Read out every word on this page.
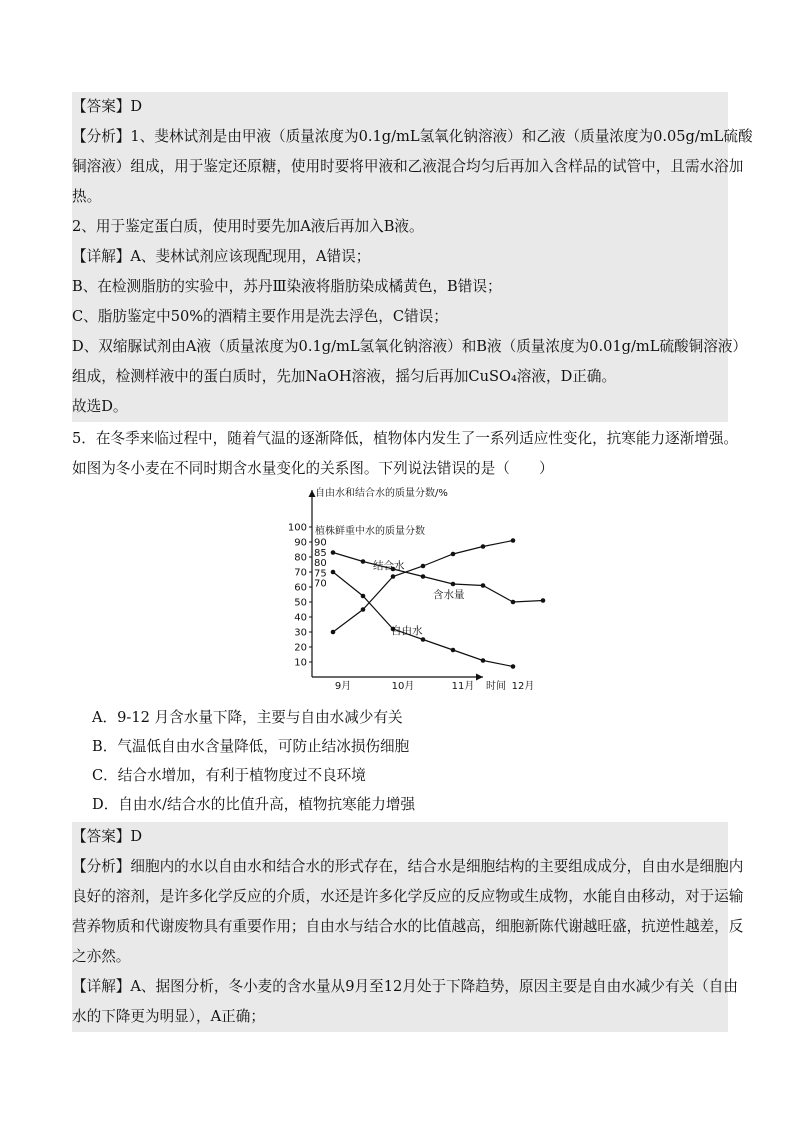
【答案】D
【分析】1、斐林试剂是由甲液（质量浓度为0.1g/mL氢氧化钠溶液）和乙液（质量浓度为0.05g/mL硫酸
铜溶液）组成，用于鉴定还原糖，使用时要将甲液和乙液混合均匀后再加入含样品的试管中，且需水浴加
热。
2、用于鉴定蛋白质，使用时要先加A液后再加入B液。
【详解】A、斐林试剂应该现配现用，A错误；
B、在检测脂肪的实验中，苏丹Ⅲ染液将脂肪染成橘黄色，B错误；
C、脂肪鉴定中50%的酒精主要作用是洗去浮色，C错误；
D、双缩脲试剂由A液（质量浓度为0.1g/mL氢氧化钠溶液）和B液（质量浓度为0.01g/mL硫酸铜溶液）
组成，检测样液中的蛋白质时，先加NaOH溶液，摇匀后再加CuSO₄溶液，D正确。
故选D。
5．在冬季来临过程中，随着气温的逐渐降低，植物体内发生了一系列适应性变化，抗寒能力逐渐增强。
如图为冬小麦在不同时期含水量变化的关系图。下列说法错误的是（　　）
自由水和结合水的质量分数/%
植株鲜重中水的质量分数
时间
10
20
30
40
50
60
70
80
90
100
70
75
80
85
90
9月	10月	11月	12月
结合水
含水量
自由水
A．9-12 月含水量下降，主要与自由水减少有关
B．气温低自由水含量降低，可防止结冰损伤细胞
C．结合水增加，有利于植物度过不良环境
D．自由水/结合水的比值升高，植物抗寒能力增强
【答案】D
【分析】细胞内的水以自由水和结合水的形式存在，结合水是细胞结构的主要组成成分，自由水是细胞内
良好的溶剂，是许多化学反应的介质，水还是许多化学反应的反应物或生成物，水能自由移动，对于运输
营养物质和代谢废物具有重要作用；自由水与结合水的比值越高，细胞新陈代谢越旺盛，抗逆性越差，反
之亦然。
【详解】A、据图分析，冬小麦的含水量从9月至12月处于下降趋势，原因主要是自由水减少有关（自由
水的下降更为明显），A正确；
